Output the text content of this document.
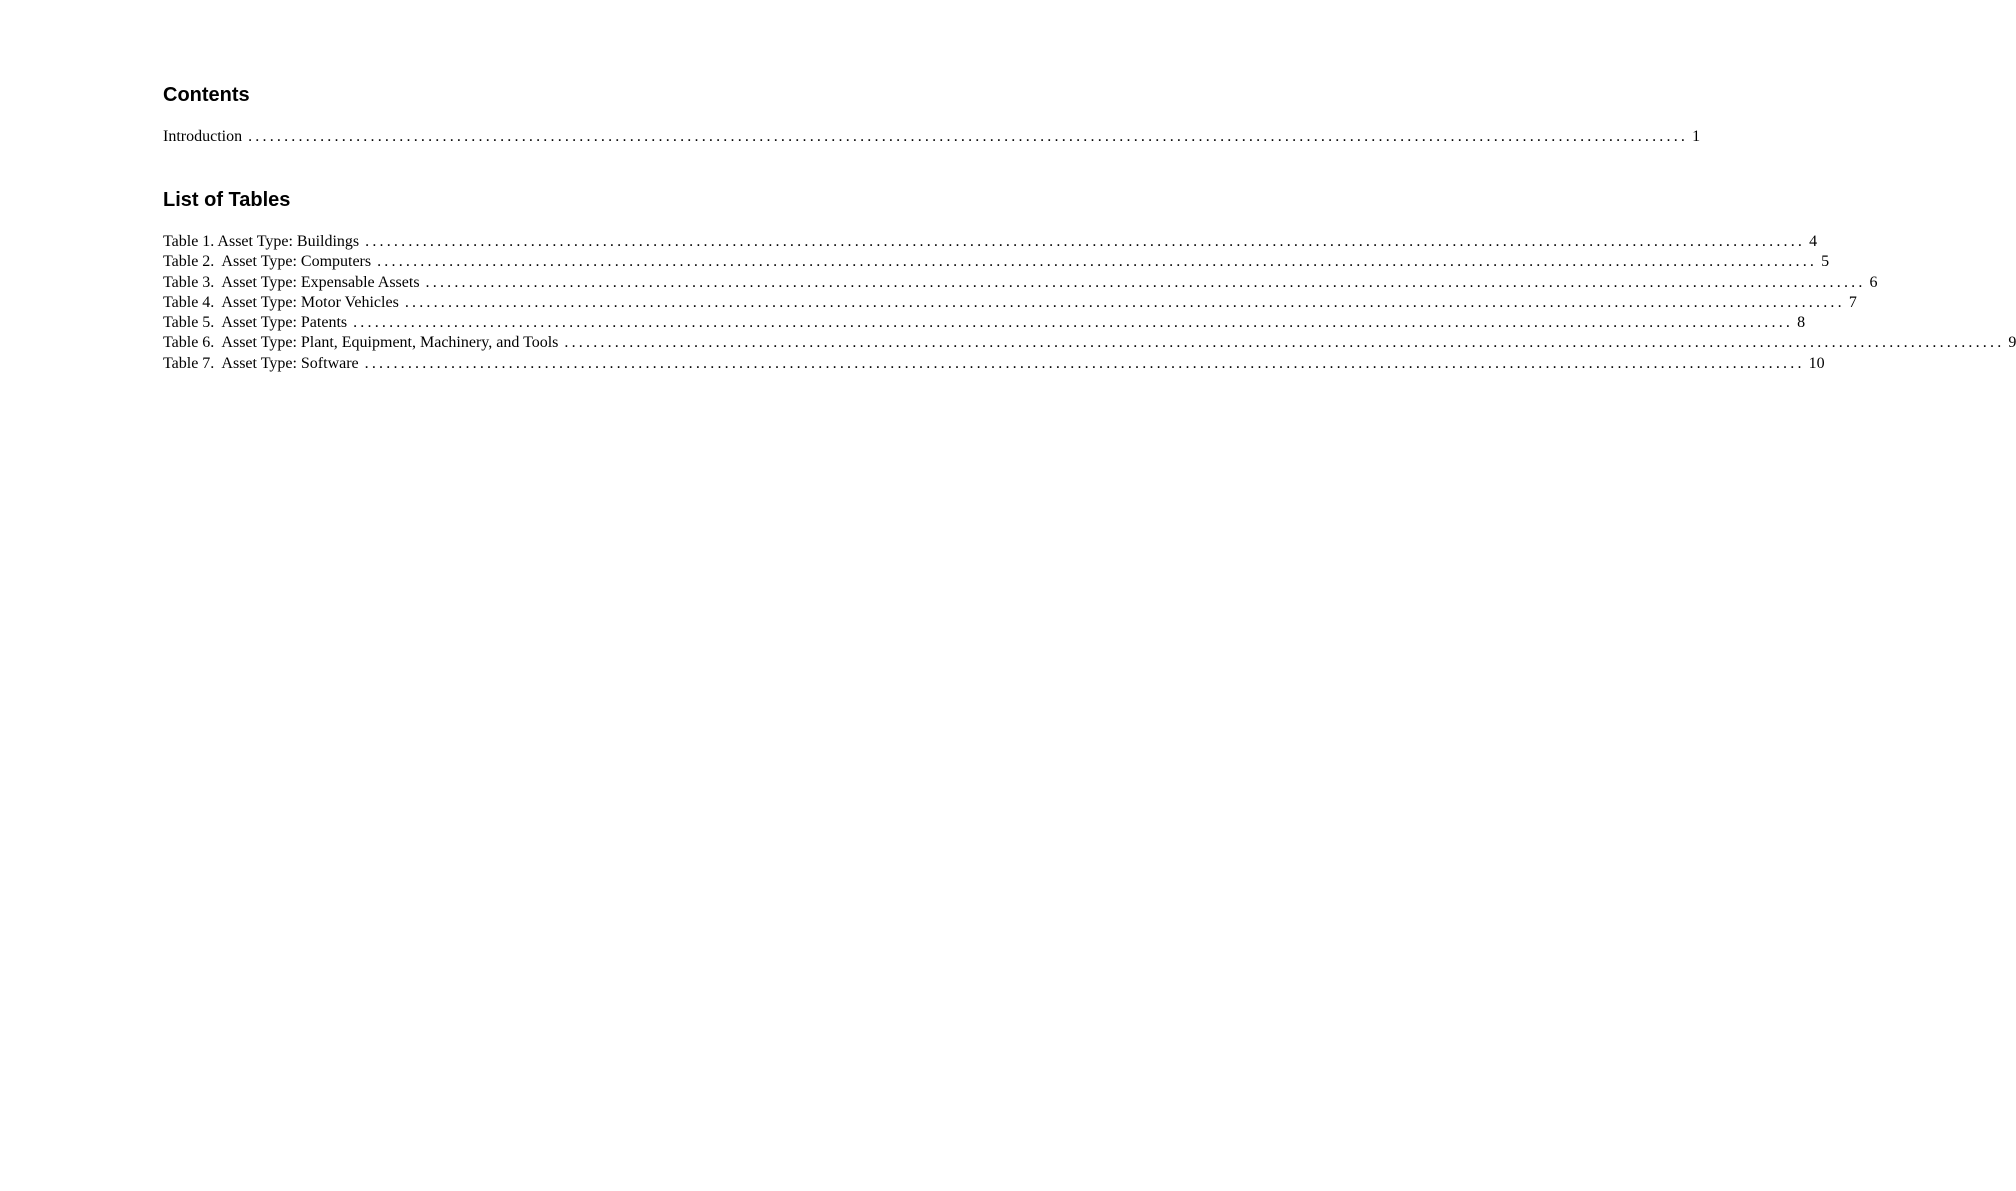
Contents
Introduction ........................................................................................................................................................................................................ 1
List of Tables
Table 1. Asset Type: Buildings ........................................................................................................................................................................................................ 4
Table 2.  Asset Type: Computers ........................................................................................................................................................................................................ 5
Table 3.  Asset Type: Expensable Assets ........................................................................................................................................................................................................ 6
Table 4.  Asset Type: Motor Vehicles ........................................................................................................................................................................................................ 7
Table 5.  Asset Type: Patents ........................................................................................................................................................................................................ 8
Table 6.  Asset Type: Plant, Equipment, Machinery, and Tools ........................................................................................................................................................................................................ 9
Table 7.  Asset Type: Software ........................................................................................................................................................................................................ 10
